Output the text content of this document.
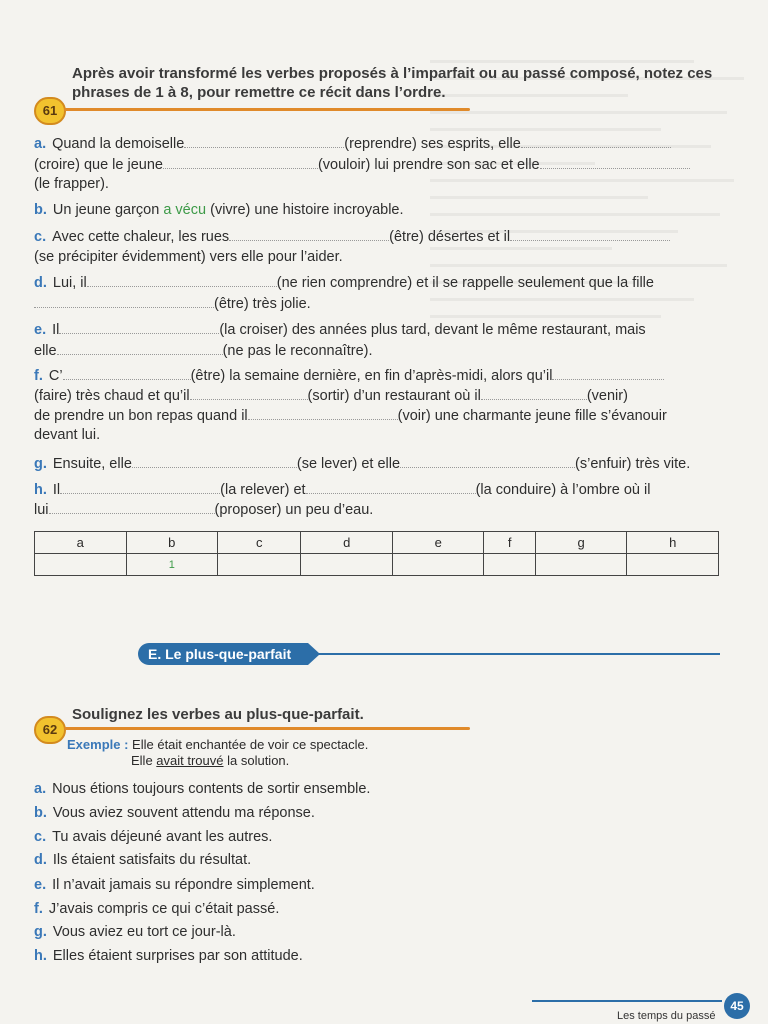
Après avoir transformé les verbes proposés à l’imparfait ou au passé composé, notez ces
phrases de 1 à 8, pour remettre ce récit dans l’ordre.
61
a. Quand la demoiselle	(reprendre) ses esprits, elle
(croire) que le jeune	(vouloir) lui prendre son sac et elle
(le frapper).
b. Un jeune garçon a vécu (vivre) une histoire incroyable.
c. Avec cette chaleur, les rues	(être) désertes et il
(se précipiter évidemment) vers elle pour l’aider.
d. Lui, il	(ne rien comprendre) et il se rappelle seulement que la fille
(être) très jolie.
e. Il	(la croiser) des années plus tard, devant le même restaurant, mais
elle	(ne pas le reconnaître).
f. C’	(être) la semaine dernière, en fin d’après-midi, alors qu’il
(faire) très chaud et qu’il	(sortir) d’un restaurant où il	(venir)
de prendre un bon repas quand il	(voir) une charmante jeune fille s’évanouir
devant lui.
g. Ensuite, elle	(se lever) et elle	(s’enfuir) très vite.
h. Il	(la relever) et	(la conduire) à l’ombre où il
lui	(proposer) un peu d’eau.
a	b	c	d	e	f	g	h
	1						
E. Le plus-que-parfait
Soulignez les verbes au plus-que-parfait.
62
Exemple : Elle était enchantée de voir ce spectacle.
Elle avait trouvé la solution.
a. Nous étions toujours contents de sortir ensemble.
b. Vous aviez souvent attendu ma réponse.
c. Tu avais déjeuné avant les autres.
d. Ils étaient satisfaits du résultat.
e. Il n’avait jamais su répondre simplement.
f. J’avais compris ce qui c’était passé.
g. Vous aviez eu tort ce jour-là.
h. Elles étaient surprises par son attitude.
45
Les temps du passé
